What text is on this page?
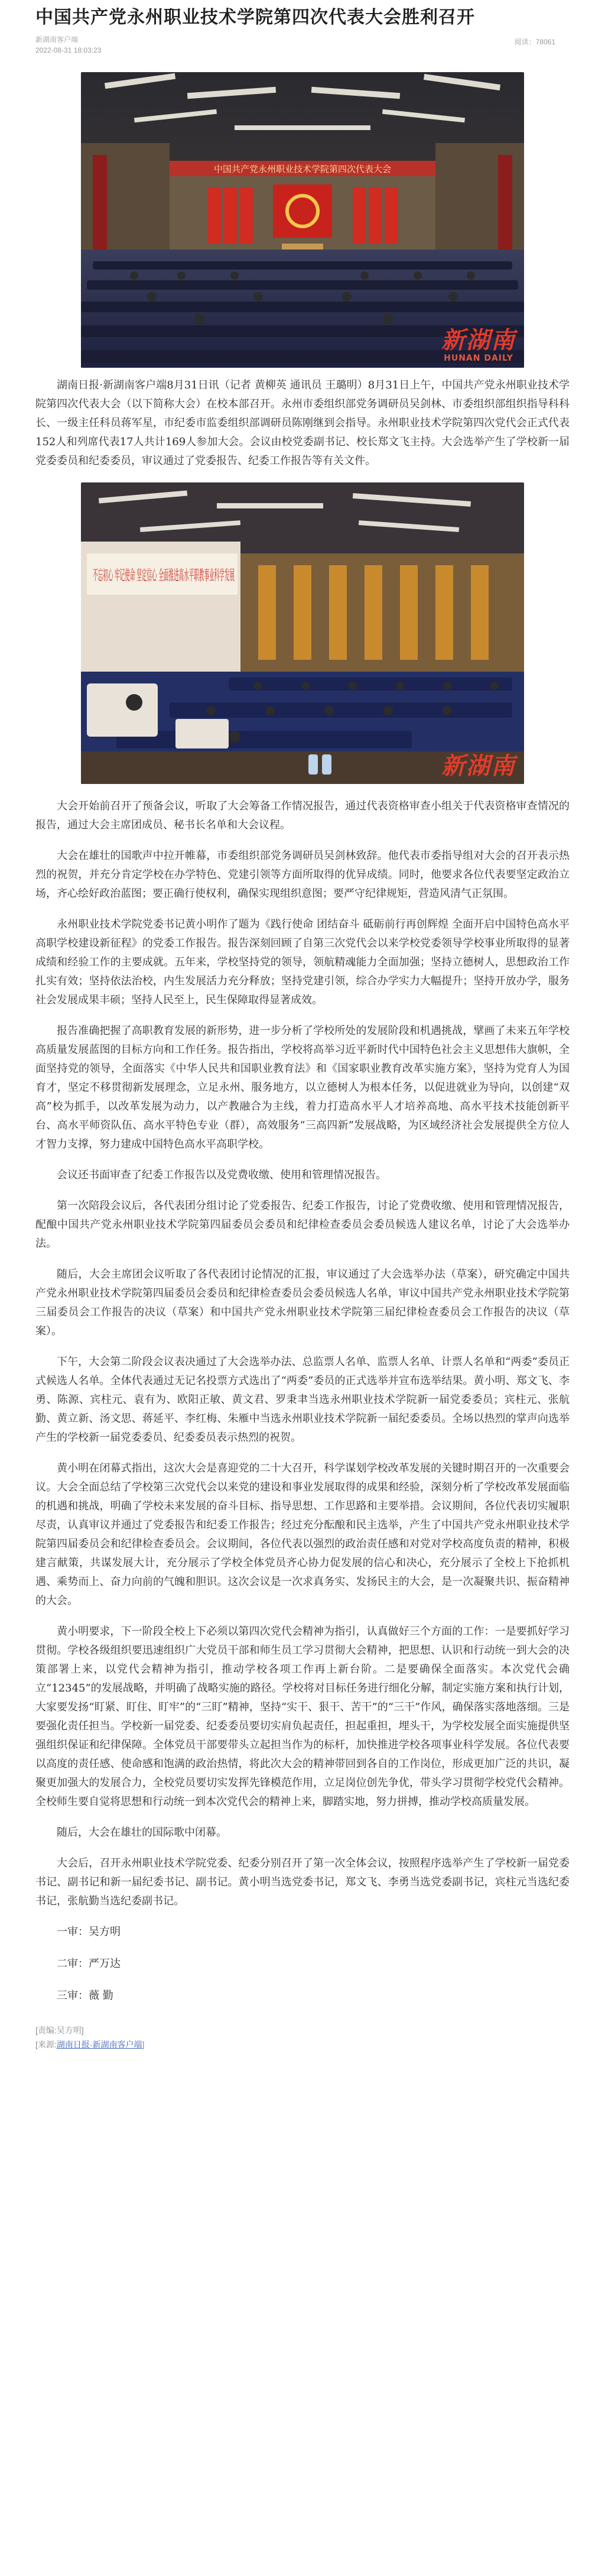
中国共产党永州职业技术学院第四次代表大会胜利召开
新湖南客户端
2022-08-31 18:03:23
阅读：78061
中国共产党永州职业技术学院第四次代表大会
新湖南
HUNAN DAILY

湖南日报·新湖南客户端8月31日讯（记者 黄柳英 通讯员 王璐明）8月31日上午，中国共产党永州职业技术学院第四次代表大会（以下简称大会）在校本部召开。永州市委组织部党务调研员吴剑林、市委组织部组织指导科科长、一级主任科员蒋军星，市纪委市监委组织部调研员陈刚继到会指导。永州职业技术学院第四次党代会正式代表152人和列席代表17人共计169人参加大会。会议由校党委副书记、校长郑文飞主持。大会选举产生了学校新一届党委委员和纪委委员，审议通过了党委报告、纪委工作报告等有关文件。

不忘初心 牢记使命 坚定信心 全面推进高水平职教事业科学发展
新湖南

大会开始前召开了预备会议，听取了大会筹备工作情况报告，通过代表资格审查小组关于代表资格审查情况的报告，通过大会主席团成员、秘书长名单和大会议程。

大会在雄壮的国歌声中拉开帷幕，市委组织部党务调研员吴剑林致辞。他代表市委指导组对大会的召开表示热烈的祝贺，并充分肯定学校在办学特色、党建引领等方面所取得的优异成绩。同时，他要求各位代表要坚定政治立场，齐心绘好政治蓝图；要正确行使权利，确保实现组织意图；要严守纪律规矩，营造风清气正氛围。

永州职业技术学院党委书记黄小明作了题为《践行使命 团结奋斗 砥砺前行再创辉煌 全面开启中国特色高水平高职学校建设新征程》的党委工作报告。报告深刻回顾了自第三次党代会以来学校党委领导学校事业所取得的显著成绩和经验工作的主要成就。五年来，学校坚持党的领导，领航精魂能力全面加强；坚持立德树人，思想政治工作扎实有效；坚持依法治校，内生发展活力充分释放；坚持党建引领，综合办学实力大幅提升；坚持开放办学，服务社会发展成果丰硕；坚持人民至上，民生保障取得显著成效。

报告准确把握了高职教育发展的新形势，进一步分析了学校所处的发展阶段和机遇挑战，擘画了未来五年学校高质量发展蓝图的目标方向和工作任务。报告指出，学校将高举习近平新时代中国特色社会主义思想伟大旗帜，全面坚持党的领导，全面落实《中华人民共和国职业教育法》和《国家职业教育改革实施方案》，坚持为党育人为国育才，坚定不移贯彻新发展理念，立足永州、服务地方，以立德树人为根本任务，以促进就业为导向，以创建“双高”校为抓手，以改革发展为动力，以产教融合为主线，着力打造高水平人才培养高地、高水平技术技能创新平台、高水平师资队伍、高水平特色专业（群），高效服务“三高四新”发展战略，为区域经济社会发展提供全方位人才智力支撑，努力建成中国特色高水平高职学校。

会议还书面审查了纪委工作报告以及党费收缴、使用和管理情况报告。

第一次陪段会议后，各代表团分组讨论了党委报告、纪委工作报告，讨论了党费收缴、使用和管理情况报告，配酿中国共产党永州职业技术学院第四届委员会委员和纪律检查委员会委员候选人建议名单，讨论了大会选举办法。

随后，大会主席团会议听取了各代表团讨论情况的汇报，审议通过了大会选举办法（草案），研究确定中国共产党永州职业技术学院第四届委员会委员和纪律检查委员会委员候选人名单，审议中国共产党永州职业技术学院第三届委员会工作报告的决议（草案）和中国共产党永州职业技术学院第三届纪律检查委员会工作报告的决议（草案）。

下午，大会第二阶段会议表决通过了大会选举办法、总监票人名单、监票人名单、计票人名单和“两委”委员正式候选人名单。全体代表通过无记名投票方式选出了“两委”委员的正式选举并宣布选举结果。黄小明、郑文飞、李勇、陈源、宾柱元、袁有为、欧阳正敏、黄文君、罗秉聿当选永州职业技术学院新一届党委委员；宾柱元、张航勤、黄立新、汤文思、蒋延平、李红梅、朱雁中当选永州职业技术学院新一届纪委委员。全场以热烈的掌声向选举产生的学校新一届党委委员、纪委委员表示热烈的祝贺。

黄小明在闭幕式指出，这次大会是喜迎党的二十大召开，科学谋划学校改革发展的关键时期召开的一次重要会议。大会全面总结了学校第三次党代会以来党的建设和事业发展取得的成果和经验，深刻分析了学校改革发展面临的机遇和挑战，明确了学校未来发展的奋斗目标、指导思想、工作思路和主要举措。会议期间，各位代表切实履职尽责，认真审议并通过了党委报告和纪委工作报告；经过充分酝酿和民主选举，产生了中国共产党永州职业技术学院第四届委员会和纪律检查委员会。会议期间，各位代表以强烈的政治责任感和对党对学校高度负责的精神，积极建言献策，共谋发展大计，充分展示了学校全体党员齐心协力促发展的信心和决心，充分展示了全校上下抢抓机遇、乘势而上、奋力向前的气魄和胆识。这次会议是一次求真务实、发扬民主的大会，是一次凝聚共识、振奋精神的大会。

黄小明要求，下一阶段全校上下必须以第四次党代会精神为指引，认真做好三个方面的工作：一是要抓好学习贯彻。学校各级组织要迅速组织广大党员干部和师生员工学习贯彻大会精神，把思想、认识和行动统一到大会的决策部署上来，以党代会精神为指引，推动学校各项工作再上新台阶。二是要确保全面落实。本次党代会确立“12345”的发展战略，并明确了战略实施的路径。学校将对目标任务进行细化分解，制定实施方案和执行计划，大家要发扬“盯紧、盯住、盯牢”的“三盯”精神，坚持“实干、狠干、苦干”的“三干”作风，确保落实落地落细。三是要强化责任担当。学校新一届党委、纪委委员要切实肩负起责任，担起重担，埋头干，为学校发展全面实施提供坚强组织保证和纪律保障。全体党员干部要带头立起担当作为的标杆，加快推进学校各项事业科学发展。各位代表要以高度的责任感、使命感和饱满的政治热情，将此次大会的精神带回到各自的工作岗位，形成更加广泛的共识，凝聚更加强大的发展合力，全校党员要切实发挥先锋模范作用，立足岗位创先争优，带头学习贯彻学校党代会精神。全校师生要自觉将思想和行动统一到本次党代会的精神上来，脚踏实地，努力拼搏，推动学校高质量发展。

随后，大会在雄壮的国际歌中闭幕。

大会后，召开永州职业技术学院党委、纪委分别召开了第一次全体会议，按照程序选举产生了学校新一届党委书记、副书记和新一届纪委书记、副书记。黄小明当选党委书记，郑文飞、李勇当选党委副书记，宾柱元当选纪委书记，张航勤当选纪委副书记。

一审：吴方明

二审：严万达

三审：薇 勤

[责编:吴方明]
[来源:湖南日报·新湖南客户端]
